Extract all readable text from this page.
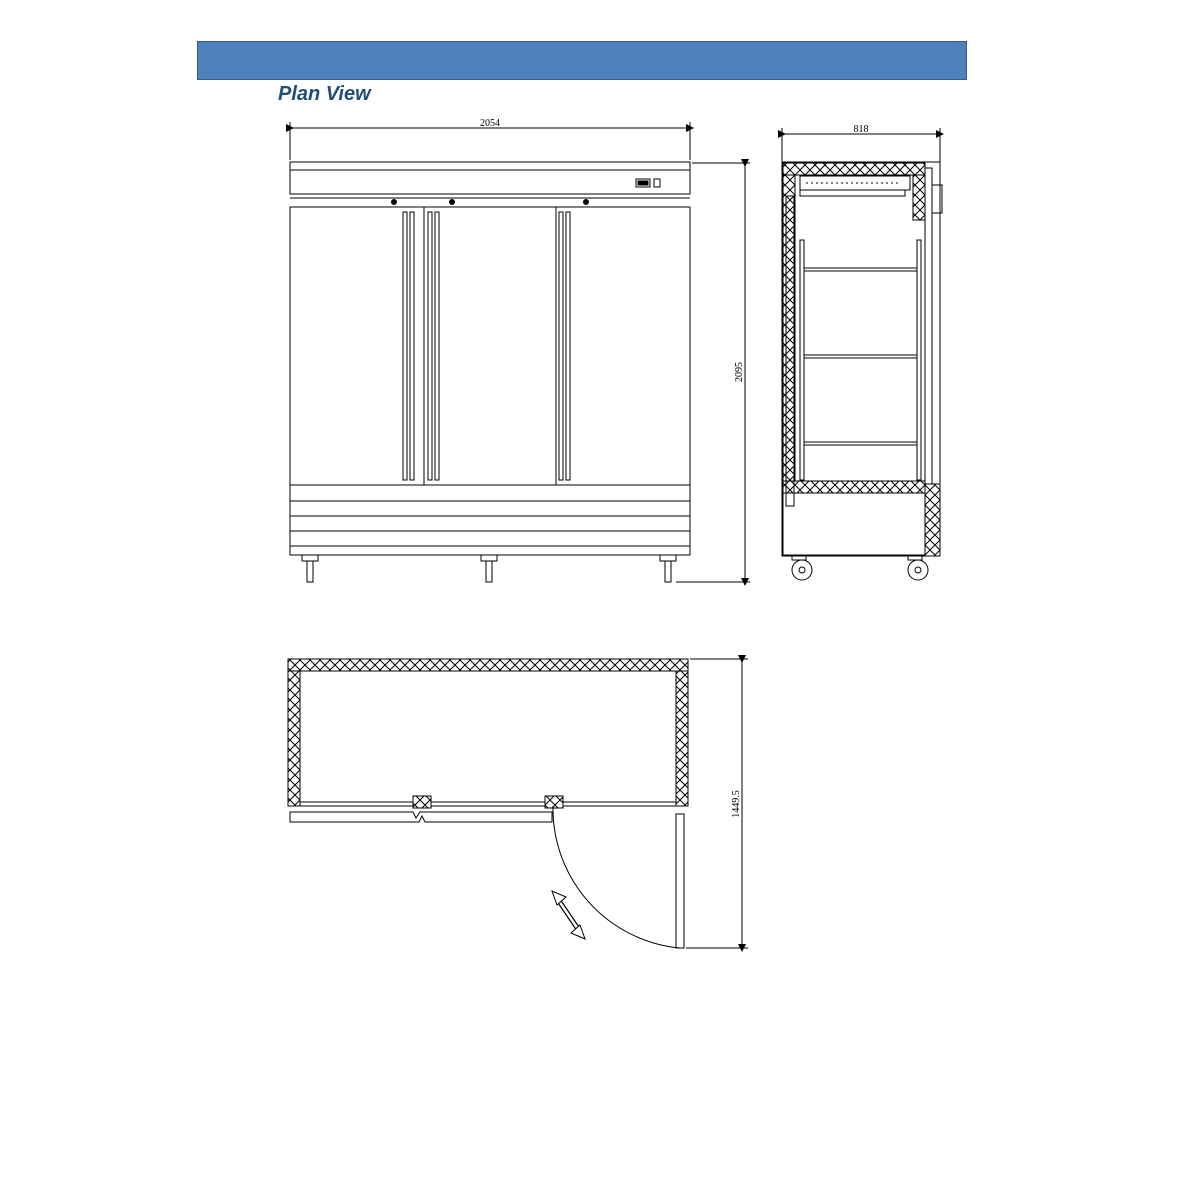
Plan View
2054
2095
818
1449.5
